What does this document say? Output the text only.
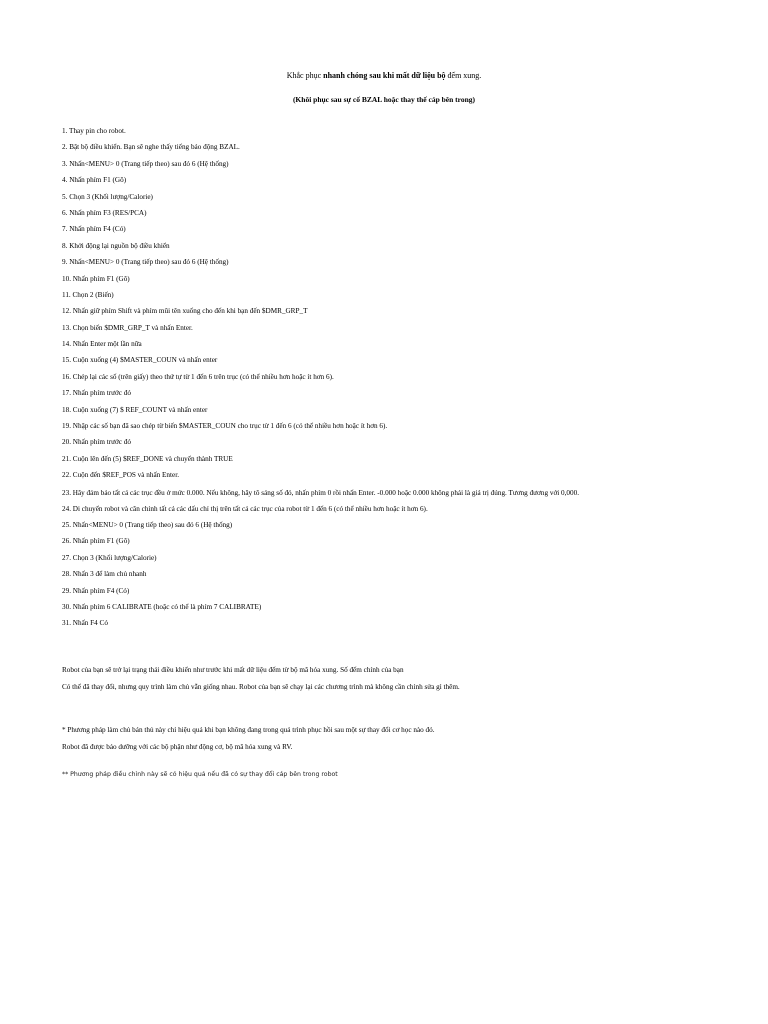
Khắc phục nhanh chóng sau khi mất dữ liệu bộ đếm xung.
(Khôi phục sau sự cố BZAL hoặc thay thế cáp bên trong)
1. Thay pin cho robot.
2. Bật bộ điều khiển. Bạn sẽ nghe thấy tiếng báo động BZAL.
3. Nhấn<MENU> 0 (Trang tiếp theo) sau đó 6 (Hệ thống)
4. Nhấn phím F1 (Gõ)
5. Chọn 3 (Khối lượng/Calorie)
6. Nhấn phím F3 (RES/PCA)
7. Nhấn phím F4 (Có)
8. Khởi động lại nguồn bộ điều khiển
9. Nhấn<MENU> 0 (Trang tiếp theo) sau đó 6 (Hệ thống)
10. Nhấn phím F1 (Gõ)
11. Chọn 2 (Biến)
12. Nhấn giữ phím Shift và phím mũi tên xuống cho đến khi bạn đến $DMR_GRP_T
13. Chọn biến $DMR_GRP_T và nhấn Enter.
14. Nhấn Enter một lần nữa
15. Cuộn xuống (4) $MASTER_COUN và nhấn enter
16. Chép lại các số (trên giấy) theo thứ tự từ 1 đến 6 trên trục (có thể nhiều hơn hoặc ít hơn 6).
17. Nhấn phím trước đó
18. Cuộn xuống (7) $ REF_COUNT và nhấn enter
19. Nhập các số bạn đã sao chép từ biến $MASTER_COUN cho trục từ 1 đến 6 (có thể nhiều hơn hoặc ít hơn 6).
20. Nhấn phím trước đó
21. Cuộn lên đến (5) $REF_DONE và chuyển thành TRUE
22. Cuộn đến $REF_POS và nhấn Enter.
23. Hãy đảm bảo tất cả các trục đều ở mức 0.000. Nếu không, hãy tô sáng số đó, nhấn phím 0 rồi nhấn Enter. -0.000 hoặc 0.000 không phải là giá trị đúng. Tương đương với 0,000.
24. Di chuyển robot và căn chỉnh tất cả các dấu chỉ thị trên tất cả các trục của robot từ 1 đến 6 (có thể nhiều hơn hoặc ít hơn 6).
25. Nhấn<MENU> 0 (Trang tiếp theo) sau đó 6 (Hệ thống)
26. Nhấn phím F1 (Gõ)
27. Chọn 3 (Khối lượng/Calorie)
28. Nhấn 3 để làm chủ nhanh
29. Nhấn phím F4 (Có)
30. Nhấn phím 6 CALIBRATE (hoặc có thể là phím 7 CALIBRATE)
31. Nhấn F4 Có
Robot của bạn sẽ trở lại trạng thái điều khiển như trước khi mất dữ liệu đếm từ bộ mã hóa xung. Số đếm chính của bạn
Có thể đã thay đổi, nhưng quy trình làm chủ vẫn giống nhau. Robot của bạn sẽ chạy lại các chương trình mà không cần chỉnh sửa gì thêm.
* Phương pháp làm chủ bán thủ này chỉ hiệu quả khi bạn không đang trong quá trình phục hồi sau một sự thay đổi cơ học nào đó.
Robot đã được bảo dưỡng với các bộ phận như động cơ, bộ mã hóa xung và RV.
** Phương pháp điều chỉnh này sẽ có hiệu quả nếu đã có sự thay đổi cáp bên trong robot
